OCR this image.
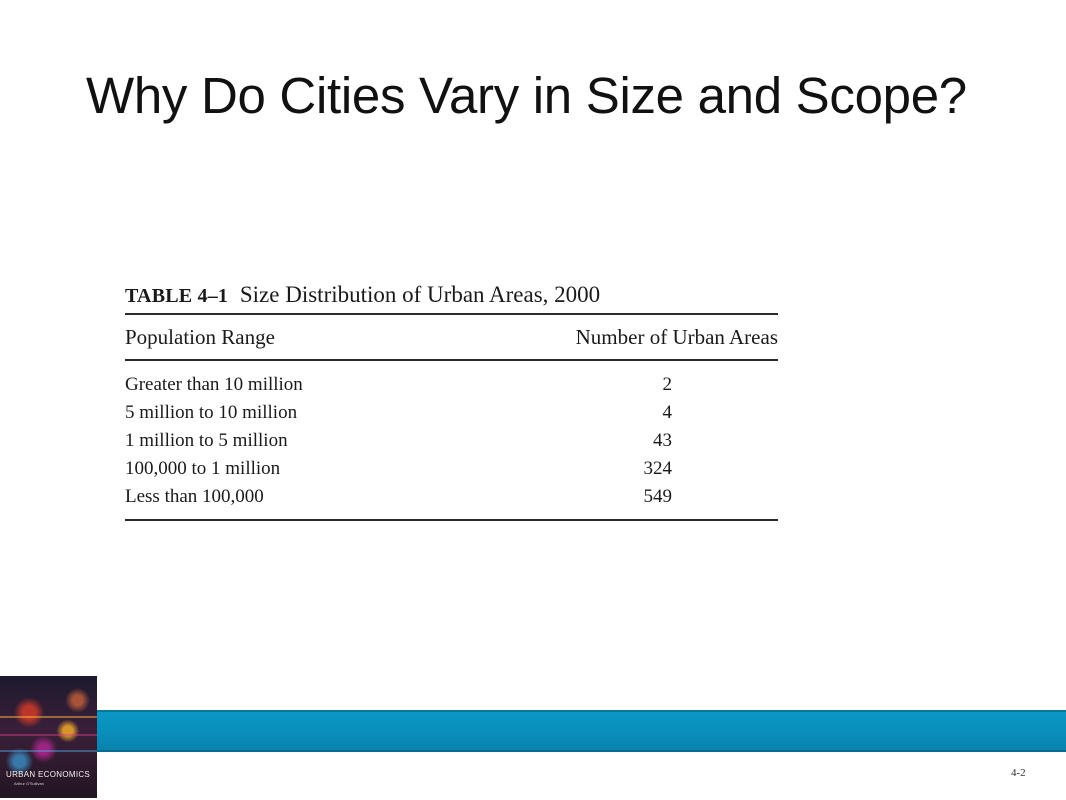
Why Do Cities Vary in Size and Scope?
TABLE 4–1 Size Distribution of Urban Areas, 2000
Population Range	Number of Urban Areas
Greater than 10 million	2
5 million to 10 million	4
1 million to 5 million	43
100,000 to 1 million	324
Less than 100,000	549
URBAN ECONOMICS
Arthur O'Sullivan
4-2
